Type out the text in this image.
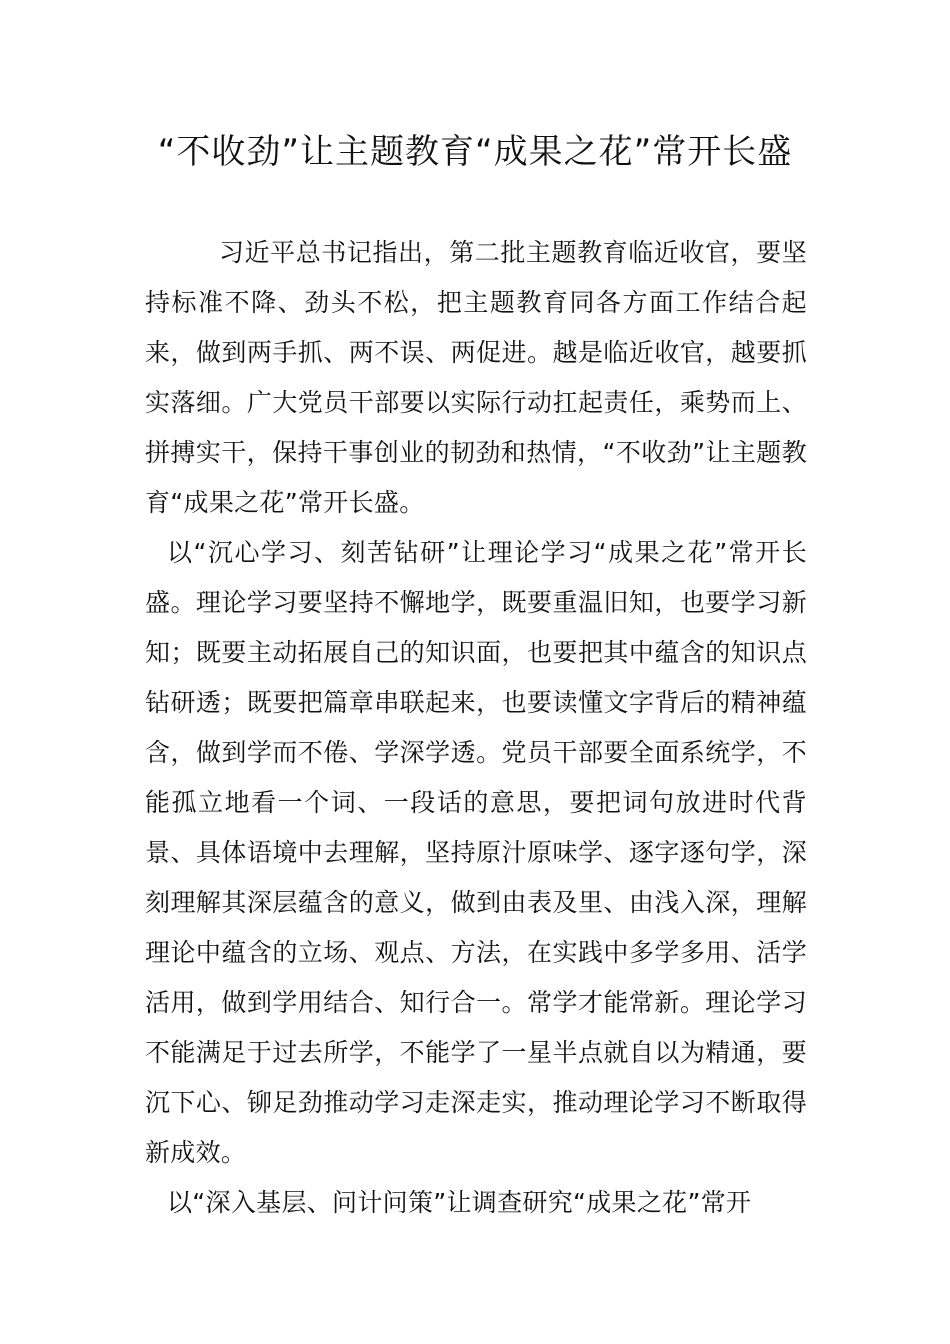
“不收劲”让主题教育“成果之花”常开长盛

习近平总书记指出，第二批主题教育临近收官，要坚持标准不降、劲头不松，把主题教育同各方面工作结合起来，做到两手抓、两不误、两促进。越是临近收官，越要抓实落细。广大党员干部要以实际行动扛起责任，乘势而上、拼搏实干，保持干事创业的韧劲和热情，“不收劲”让主题教育“成果之花”常开长盛。

以“沉心学习、刻苦钻研”让理论学习“成果之花”常开长盛。理论学习要坚持不懈地学，既要重温旧知，也要学习新知；既要主动拓展自己的知识面，也要把其中蕴含的知识点钻研透；既要把篇章串联起来，也要读懂文字背后的精神蕴含，做到学而不倦、学深学透。党员干部要全面系统学，不能孤立地看一个词、一段话的意思，要把词句放进时代背景、具体语境中去理解，坚持原汁原味学、逐字逐句学，深刻理解其深层蕴含的意义，做到由表及里、由浅入深，理解理论中蕴含的立场、观点、方法，在实践中多学多用、活学活用，做到学用结合、知行合一。常学才能常新。理论学习不能满足于过去所学，不能学了一星半点就自以为精通，要沉下心、铆足劲推动学习走深走实，推动理论学习不断取得新成效。

以“深入基层、问计问策”让调查研究“成果之花”常开
